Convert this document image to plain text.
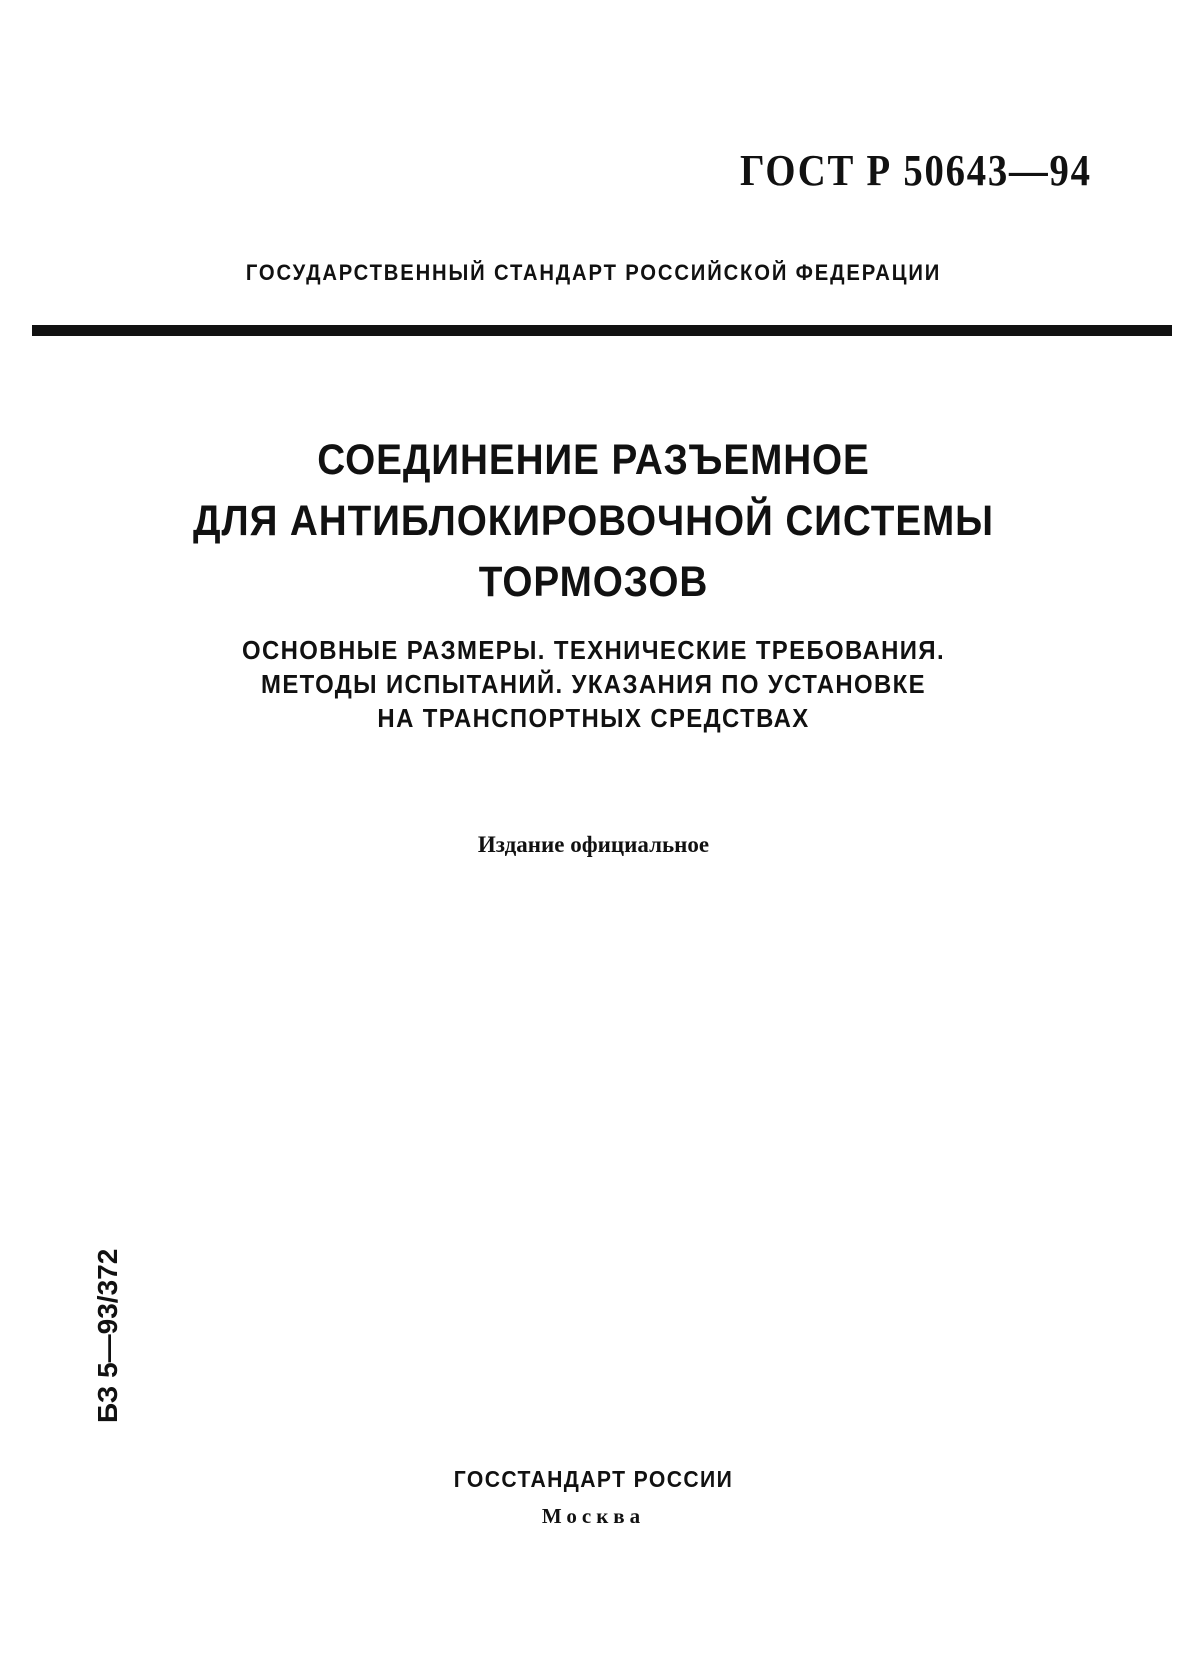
ГОСТ Р 50643—94
ГОСУДАРСТВЕННЫЙ СТАНДАРТ РОССИЙСКОЙ ФЕДЕРАЦИИ
СОЕДИНЕНИЕ РАЗЪЕМНОЕ
ДЛЯ АНТИБЛОКИРОВОЧНОЙ СИСТЕМЫ
ТОРМОЗОВ
ОСНОВНЫЕ РАЗМЕРЫ. ТЕХНИЧЕСКИЕ ТРЕБОВАНИЯ.
МЕТОДЫ ИСПЫТАНИЙ. УКАЗАНИЯ ПО УСТАНОВКЕ
НА ТРАНСПОРТНЫХ СРЕДСТВАХ
Издание официальное
БЗ 5—93/372
ГОССТАНДАРТ РОССИИ
Москва
